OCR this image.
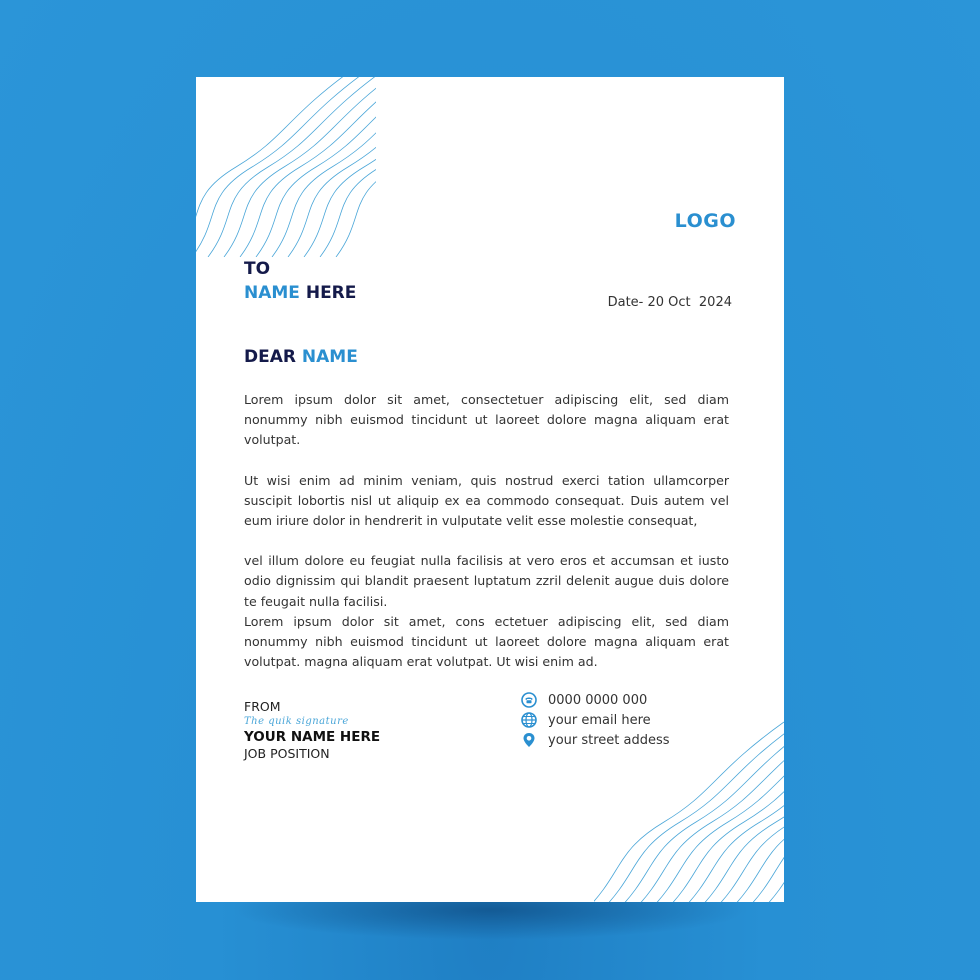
LOGO
TO
NAME HERE	Date- 20 Oct  2024
DEAR NAME

Lorem ipsum dolor sit amet, consectetuer adipiscing elit, sed diam nonummy nibh euismod tincidunt ut laoreet dolore magna aliquam erat volutpat.

Ut wisi enim ad minim veniam, quis nostrud exerci tation ullamcorper suscipit lobortis nisl ut aliquip ex ea commodo consequat. Duis autem vel eum iriure dolor in hendrerit in vulputate velit esse molestie consequat,

vel illum dolore eu feugiat nulla facilisis at vero eros et accumsan et iusto odio dignissim qui blandit praesent luptatum zzril delenit augue duis dolore te feugait nulla facilisi.

Lorem ipsum dolor sit amet, cons ectetuer adipiscing elit, sed diam nonummy nibh euismod tincidunt ut laoreet dolore magna aliquam erat volutpat. magna aliquam erat volutpat. Ut wisi enim ad.

FROM
The quik signature
YOUR NAME HERE
JOB POSITION
0000 0000 000
your email here
your street addess
